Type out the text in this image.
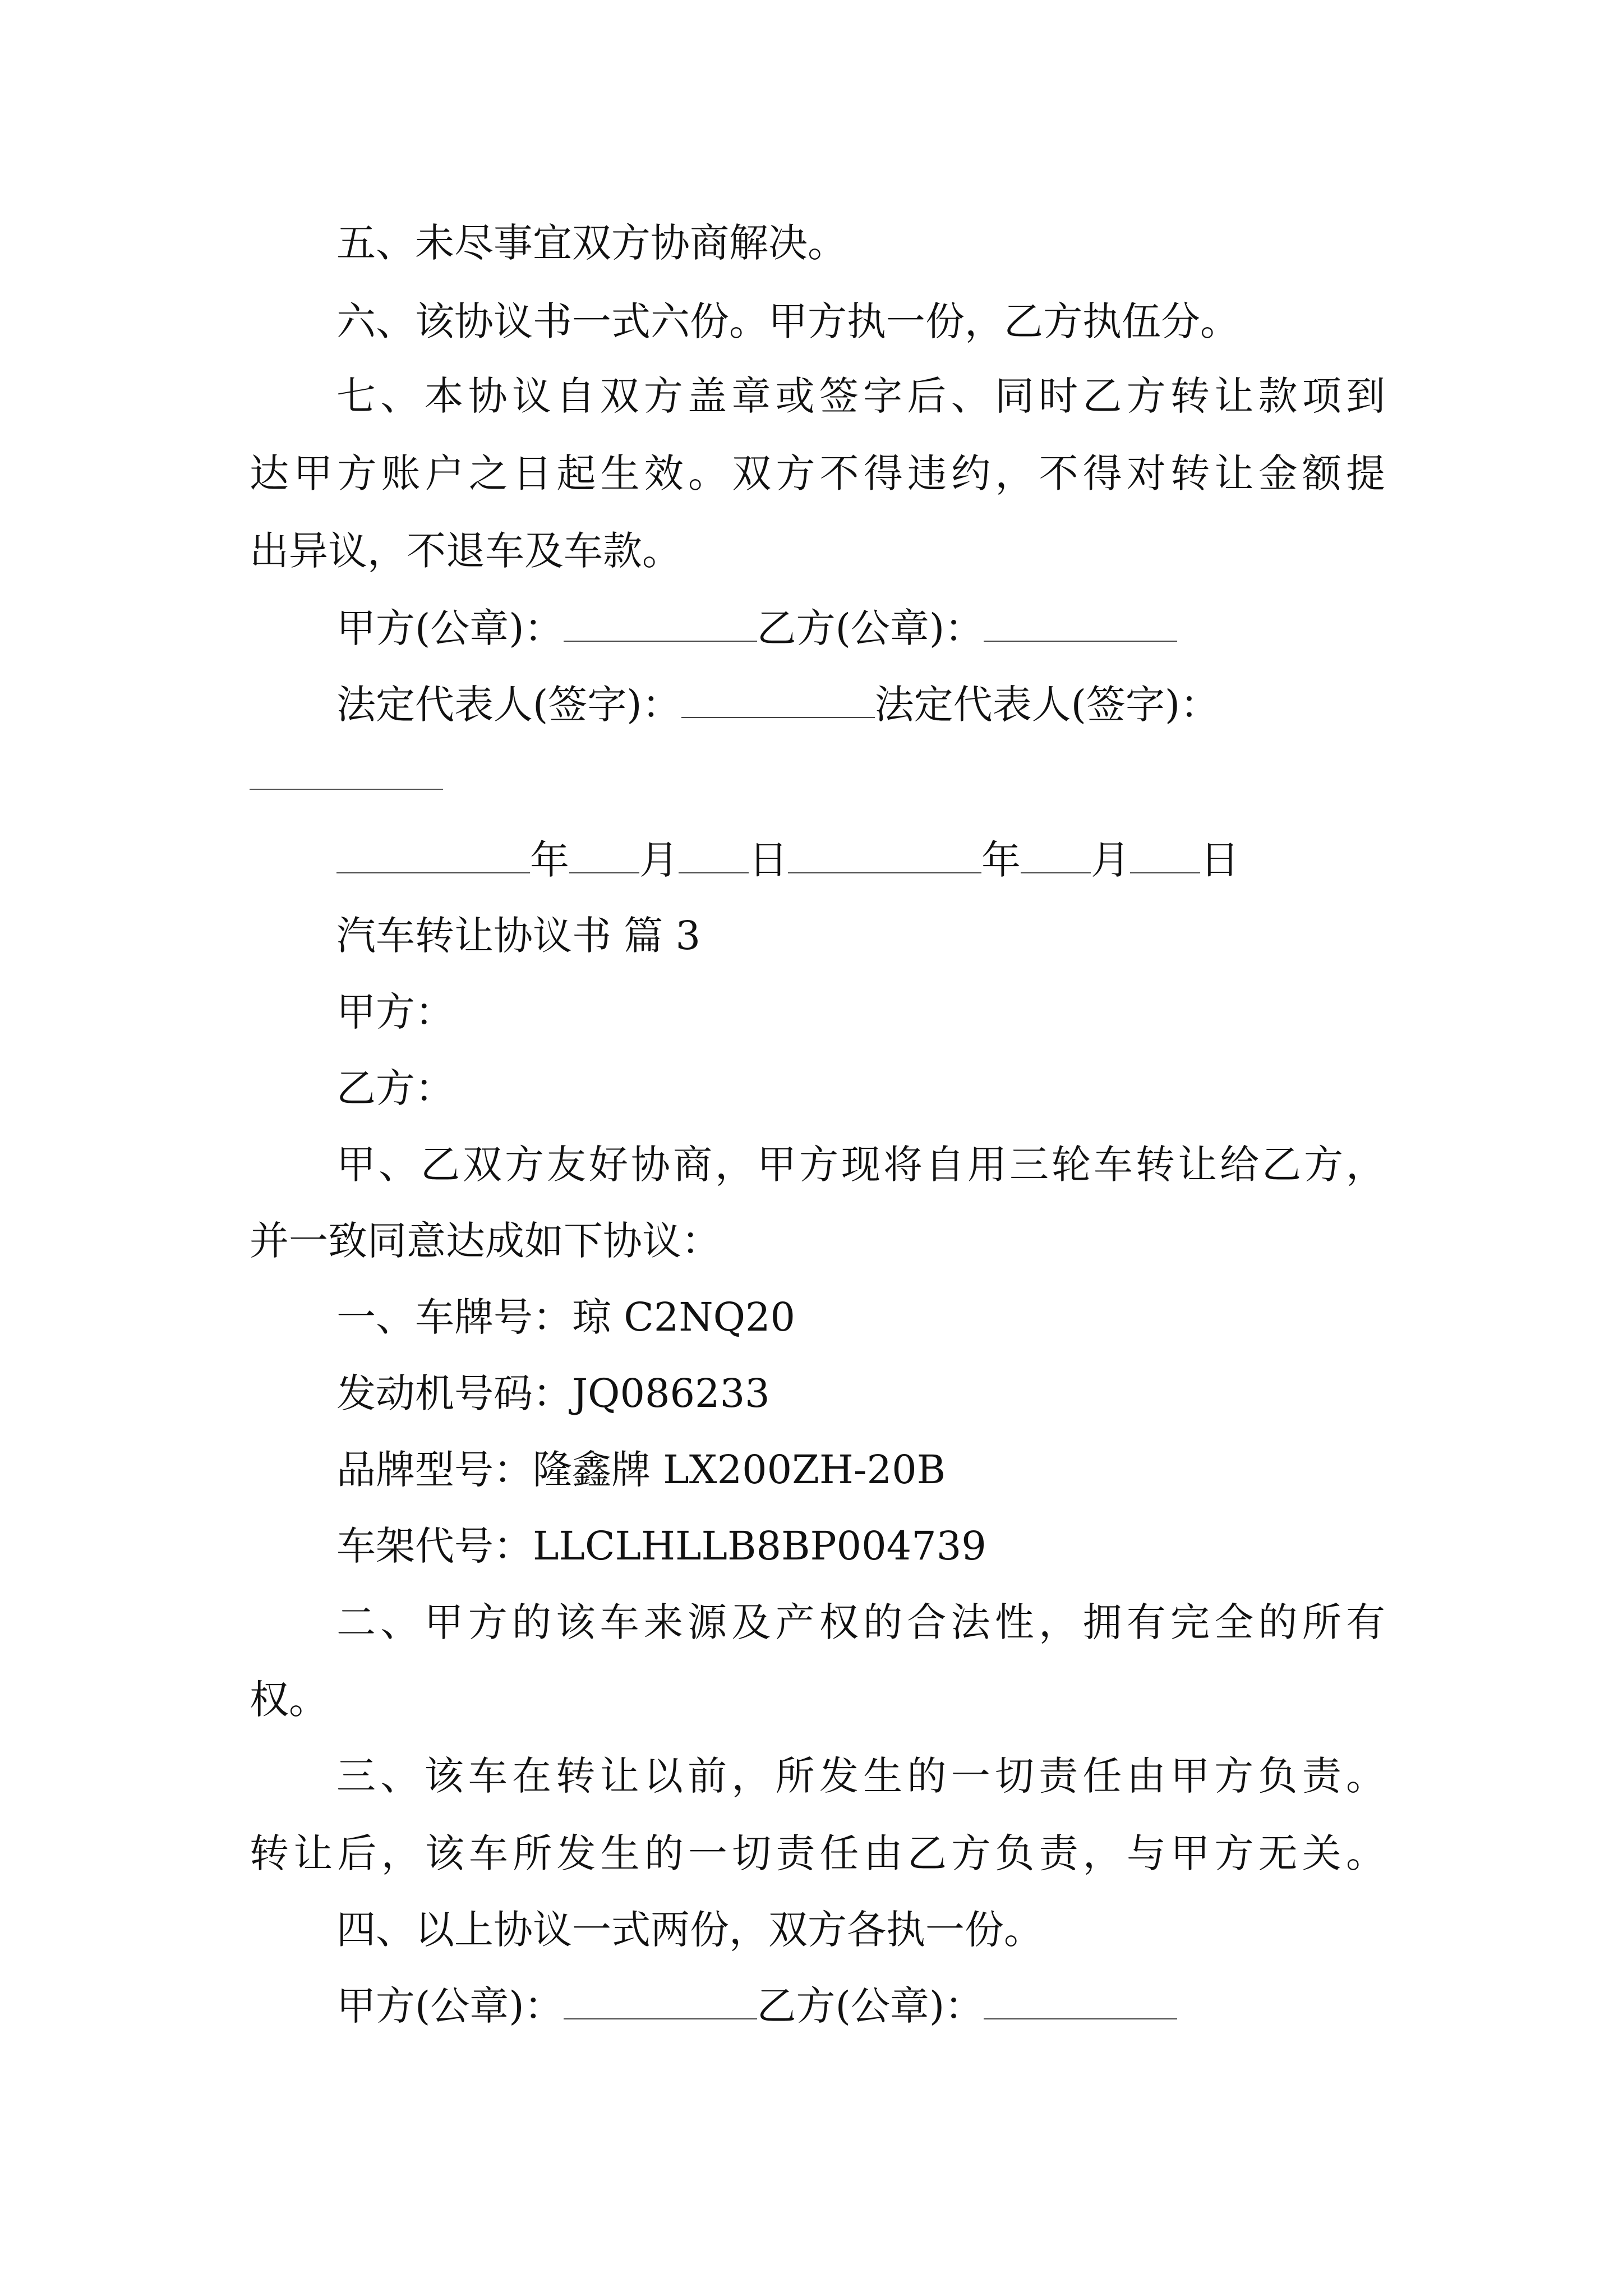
五、未尽事宜双方协商解决。
六、该协议书一式六份。甲方执一份，乙方执伍分。
七、本协议自双方盖章或签字后、同时乙方转让款项到
达甲方账户之日起生效。双方不得违约，不得对转让金额提
出异议，不退车及车款。
甲方(公章)：	乙方(公章)：
法定代表人(签字)：	法定代表人(签字)：
年 月 日	年 月 日
汽车转让协议书 篇 3
甲方：
乙方：
甲、乙双方友好协商，甲方现将自用三轮车转让给乙方，
并一致同意达成如下协议：
一、车牌号：琼 C2NQ20
发动机号码：JQ086233
品牌型号：隆鑫牌 LX200ZH-20B
车架代号：LLCLHLLB8BP004739
二、甲方的该车来源及产权的合法性，拥有完全的所有
权。
三、该车在转让以前，所发生的一切责任由甲方负责。
转让后，该车所发生的一切责任由乙方负责，与甲方无关。
四、以上协议一式两份，双方各执一份。
甲方(公章)：	乙方(公章)：
